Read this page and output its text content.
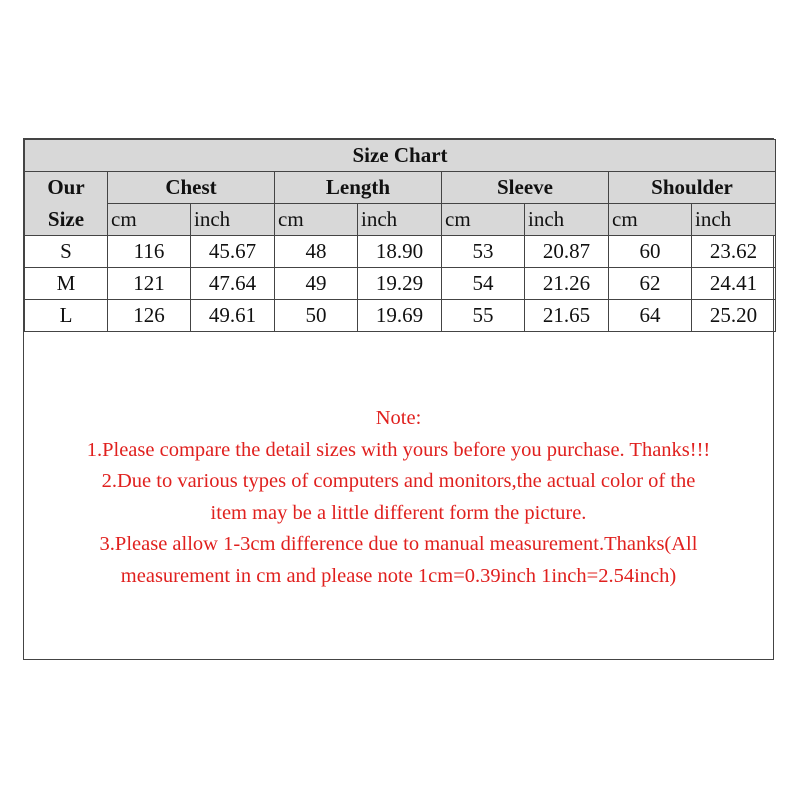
Size Chart								
Our	Chest		Length		Sleeve		Shoulder	
Size	cm	inch	cm	inch	cm	inch	cm	inch
S	116	45.67	48	18.90	53	20.87	60	23.62
M	121	47.64	49	19.29	54	21.26	62	24.41
L	126	49.61	50	19.69	55	21.65	64	25.20
Note:
1.Please compare the detail sizes with yours before you purchase. Thanks!!!
2.Due to various types of computers and monitors,the actual color of the
item may be a little different form the picture.
3.Please allow 1-3cm difference due to manual measurement.Thanks(All
measurement in cm and please note 1cm=0.39inch 1inch=2.54inch)
